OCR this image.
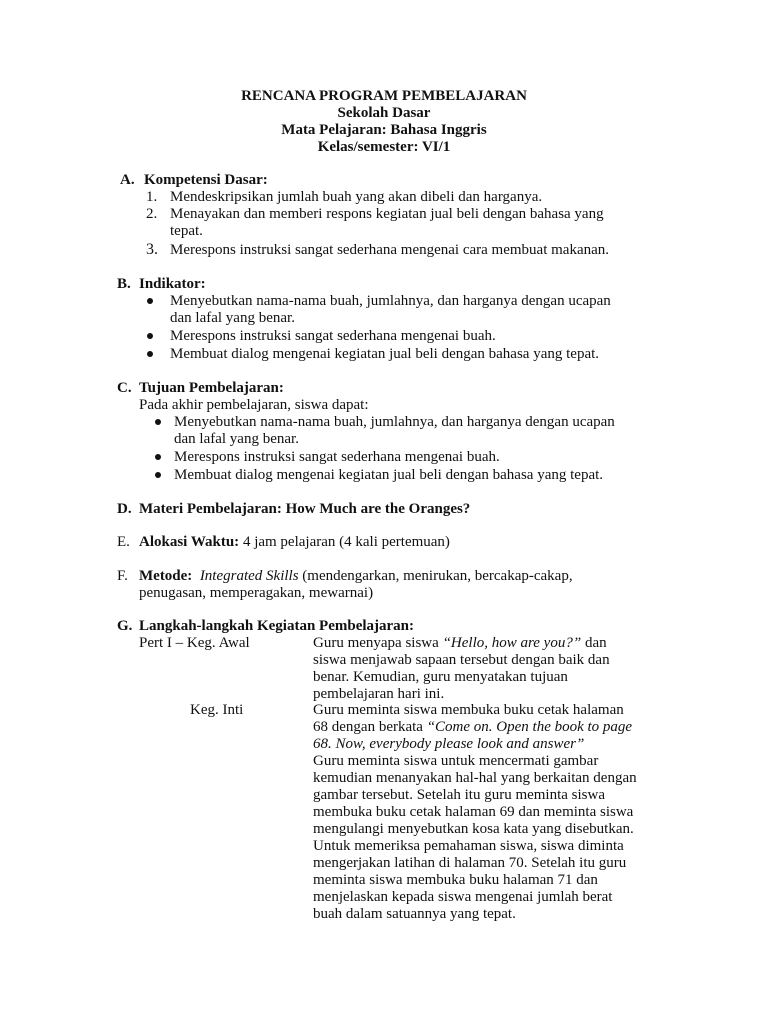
RENCANA PROGRAM PEMBELAJARAN
Sekolah Dasar
Mata Pelajaran: Bahasa Inggris
Kelas/semester: VI/1
A. Kompetensi Dasar:
1. Mendeskripsikan jumlah buah yang akan dibeli dan harganya.
2. Menayakan dan memberi respons kegiatan jual beli dengan bahasa yang
tepat.
3. Merespons instruksi sangat sederhana mengenai cara membuat makanan.
B. Indikator:
Menyebutkan nama-nama buah, jumlahnya, dan harganya dengan ucapan
dan lafal yang benar.
Merespons instruksi sangat sederhana mengenai buah.
Membuat dialog mengenai kegiatan jual beli dengan bahasa yang tepat.
C. Tujuan Pembelajaran:
Pada akhir pembelajaran, siswa dapat:
Menyebutkan nama-nama buah, jumlahnya, dan harganya dengan ucapan
dan lafal yang benar.
Merespons instruksi sangat sederhana mengenai buah.
Membuat dialog mengenai kegiatan jual beli dengan bahasa yang tepat.
D. Materi Pembelajaran: How Much are the Oranges?
E. Alokasi Waktu: 4 jam pelajaran (4 kali pertemuan)
F. Metode: Integrated Skills (mendengarkan, menirukan, bercakap-cakap,
penugasan, memperagakan, mewarnai)
G. Langkah-langkah Kegiatan Pembelajaran:
Pert I – Keg. Awal	Guru menyapa siswa “Hello, how are you?” dan
siswa menjawab sapaan tersebut dengan baik dan
benar. Kemudian, guru menyatakan tujuan
pembelajaran hari ini.
Keg. Inti	Guru meminta siswa membuka buku cetak halaman
68 dengan berkata “Come on. Open the book to page
68. Now, everybody please look and answer”
Guru meminta siswa untuk mencermati gambar
kemudian menanyakan hal-hal yang berkaitan dengan
gambar tersebut. Setelah itu guru meminta siswa
membuka buku cetak halaman 69 dan meminta siswa
mengulangi menyebutkan kosa kata yang disebutkan.
Untuk memeriksa pemahaman siswa, siswa diminta
mengerjakan latihan di halaman 70. Setelah itu guru
meminta siswa membuka buku halaman 71 dan
menjelaskan kepada siswa mengenai jumlah berat
buah dalam satuannya yang tepat.
